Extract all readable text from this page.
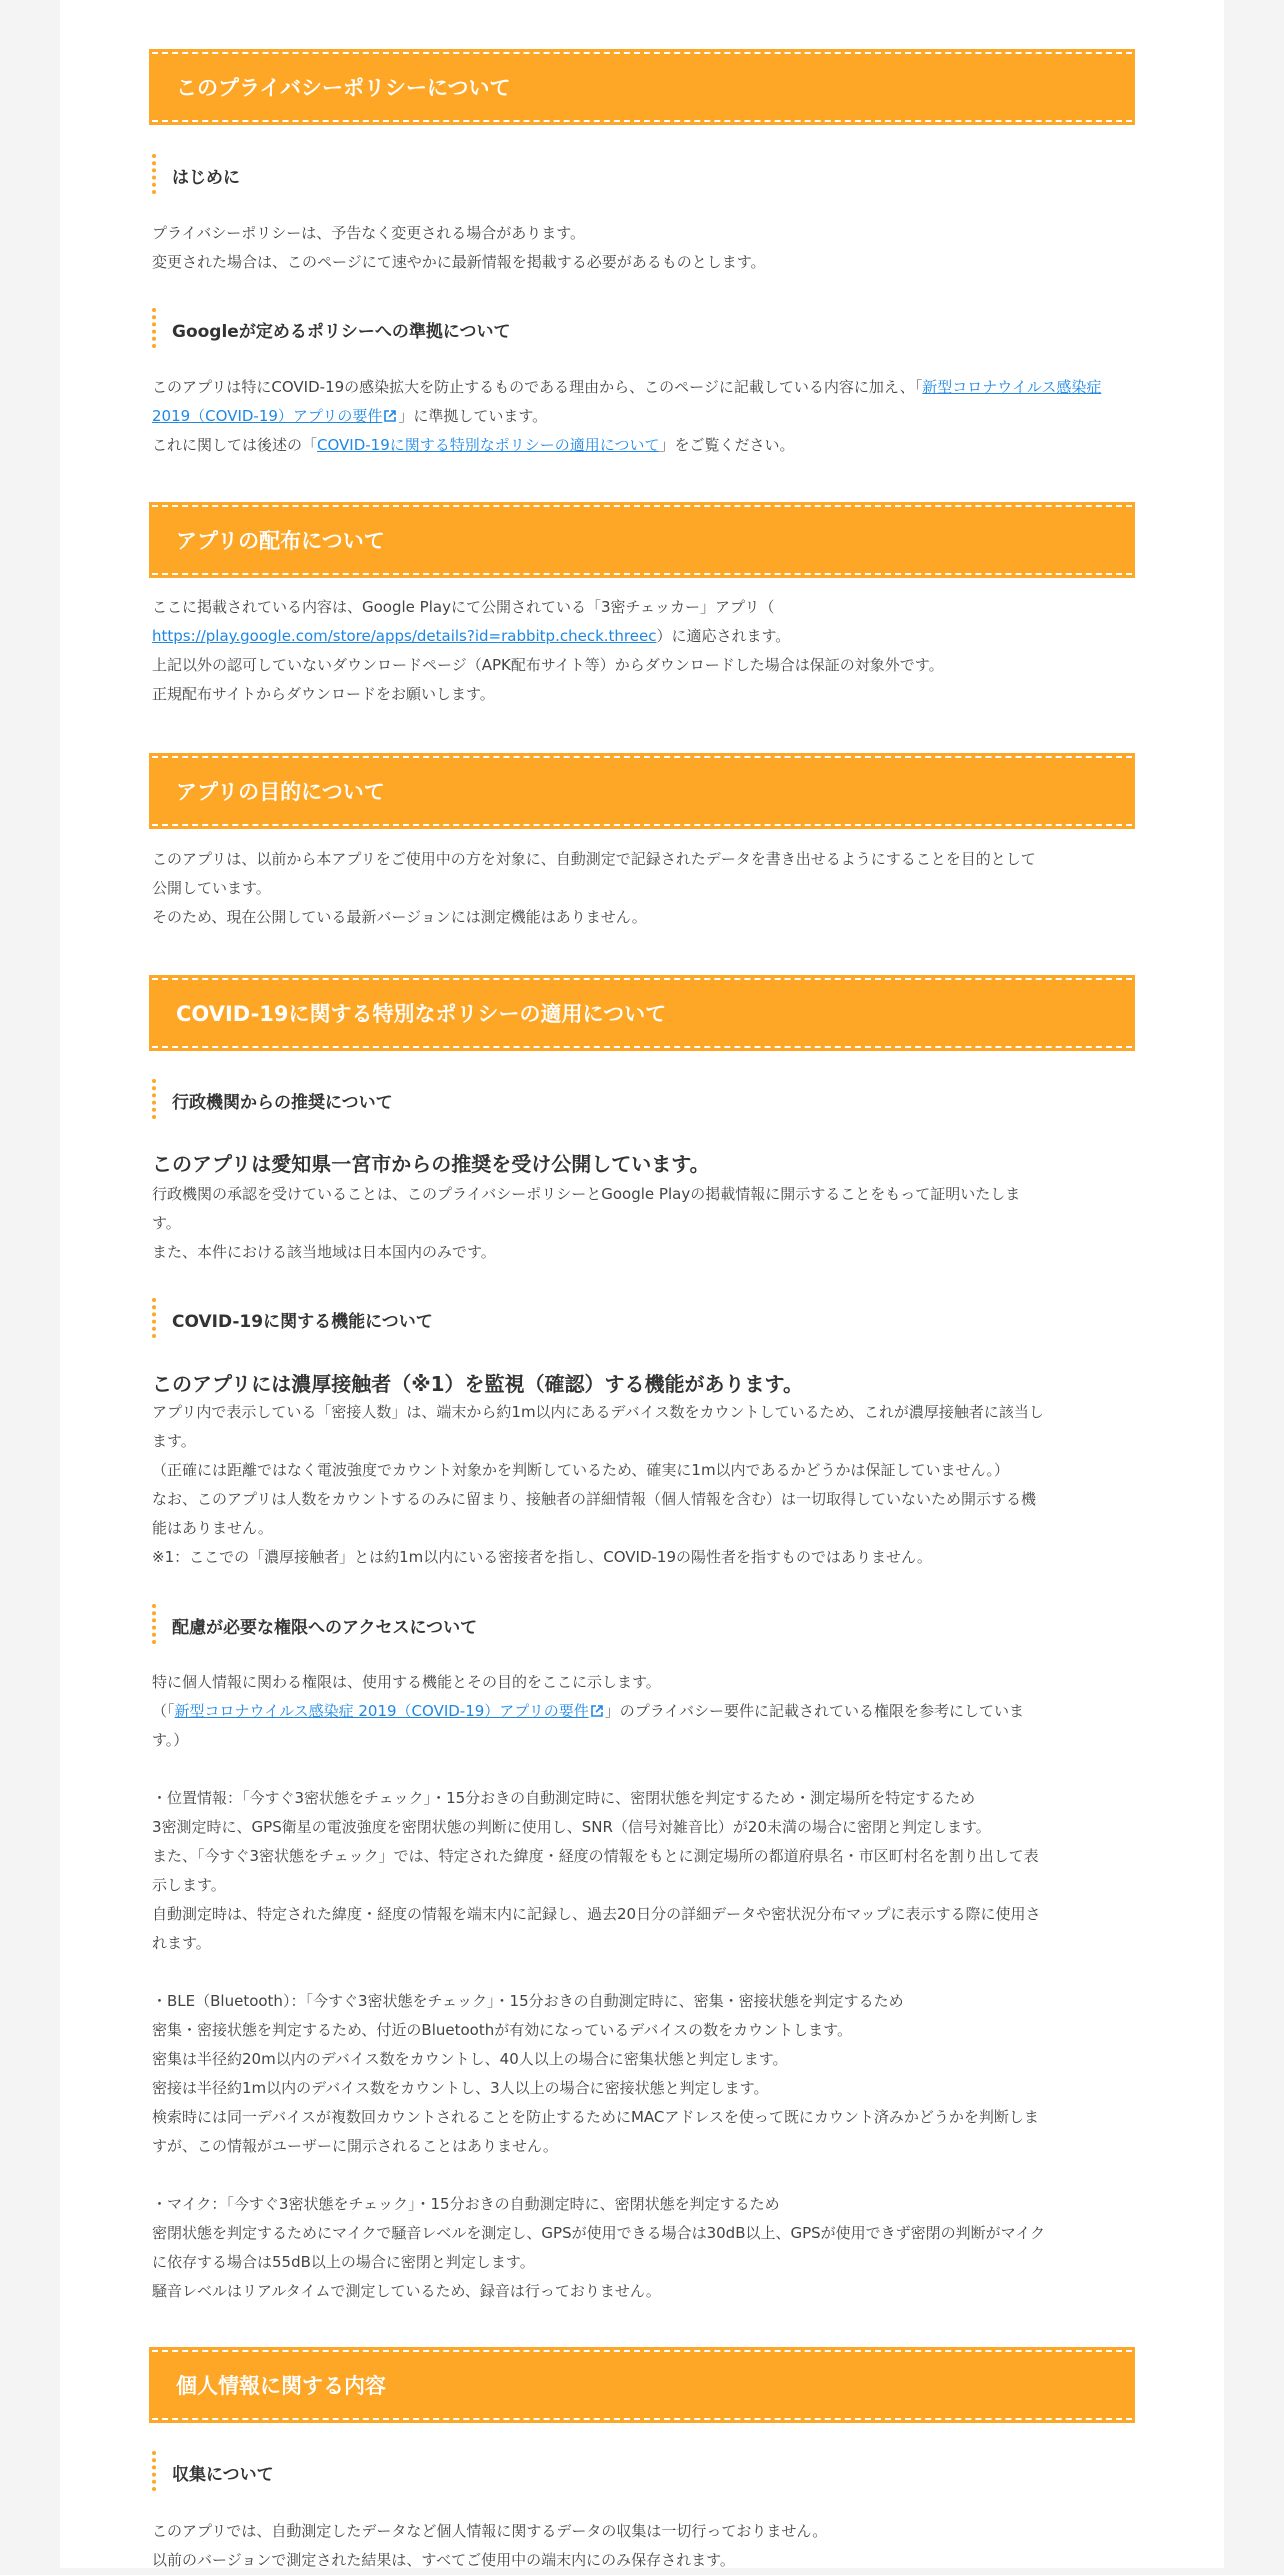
このプライバシーポリシーについて
はじめに

プライバシーポリシーは、予告なく変更される場合があります。
変更された場合は、このページにて速やかに最新情報を掲載する必要があるものとします。

Googleが定めるポリシーへの準拠について

このアプリは特にCOVID-19の感染拡大を防止するものである理由から、このページに記載している内容に加え、「新型コロナウイルス感染症 2019（COVID-19）アプリの要件 」に準拠しています。
これに関しては後述の「COVID-19に関する特別なポリシーの適用について」をご覧ください。

アプリの配布について

ここに掲載されている内容は、Google Playにて公開されている「3密チェッカー」アプリ（
https://play.google.com/store/apps/details?id=rabbitp.check.threec）に適応されます。
上記以外の認可していないダウンロードページ（APK配布サイト等）からダウンロードした場合は保証の対象外です。
正規配布サイトからダウンロードをお願いします。

アプリの目的について

このアプリは、以前から本アプリをご使用中の方を対象に、自動測定で記録されたデータを書き出せるようにすることを目的として
公開しています。
そのため、現在公開している最新バージョンには測定機能はありません。

COVID-19に関する特別なポリシーの適用について
行政機関からの推奨について
このアプリは愛知県一宮市からの推奨を受け公開しています。

行政機関の承認を受けていることは、このプライバシーポリシーとGoogle Playの掲載情報に開示することをもって証明いたしま
す。
また、本件における該当地域は日本国内のみです。

COVID-19に関する機能について
このアプリには濃厚接触者（※1）を監視（確認）する機能があります。

アプリ内で表示している「密接人数」は、端末から約1m以内にあるデバイス数をカウントしているため、これが濃厚接触者に該当し
ます。
（正確には距離ではなく電波強度でカウント対象かを判断しているため、確実に1m以内であるかどうかは保証していません。）
なお、このアプリは人数をカウントするのみに留まり、接触者の詳細情報（個人情報を含む）は一切取得していないため開示する機
能はありません。
※1：ここでの「濃厚接触者」とは約1m以内にいる密接者を指し、COVID-19の陽性者を指すものではありません。

配慮が必要な権限へのアクセスについて

特に個人情報に関わる権限は、使用する機能とその目的をここに示します。
（「新型コロナウイルス感染症 2019（COVID-19）アプリの要件 」のプライバシー要件に記載されている権限を参考にしていま
す。）

・位置情報：「今すぐ3密状態をチェック」・15分おきの自動測定時に、密閉状態を判定するため・測定場所を特定するため
3密測定時に、GPS衛星の電波強度を密閉状態の判断に使用し、SNR（信号対雑音比）が20未満の場合に密閉と判定します。
また、「今すぐ3密状態をチェック」では、特定された緯度・経度の情報をもとに測定場所の都道府県名・市区町村名を割り出して表
示します。
自動測定時は、特定された緯度・経度の情報を端末内に記録し、過去20日分の詳細データや密状況分布マップに表示する際に使用さ
れます。

・BLE（Bluetooth）：「今すぐ3密状態をチェック」・15分おきの自動測定時に、密集・密接状態を判定するため
密集・密接状態を判定するため、付近のBluetoothが有効になっているデバイスの数をカウントします。
密集は半径約20m以内のデバイス数をカウントし、40人以上の場合に密集状態と判定します。
密接は半径約1m以内のデバイス数をカウントし、3人以上の場合に密接状態と判定します。
検索時には同一デバイスが複数回カウントされることを防止するためにMACアドレスを使って既にカウント済みかどうかを判断しま
すが、この情報がユーザーに開示されることはありません。

・マイク：「今すぐ3密状態をチェック」・15分おきの自動測定時に、密閉状態を判定するため
密閉状態を判定するためにマイクで騒音レベルを測定し、GPSが使用できる場合は30dB以上、GPSが使用できず密閉の判断がマイク
に依存する場合は55dB以上の場合に密閉と判定します。
騒音レベルはリアルタイムで測定しているため、録音は行っておりません。

個人情報に関する内容
収集について

このアプリでは、自動測定したデータなど個人情報に関するデータの収集は一切行っておりません。
以前のバージョンで測定された結果は、すべてご使用中の端末内にのみ保存されます。
